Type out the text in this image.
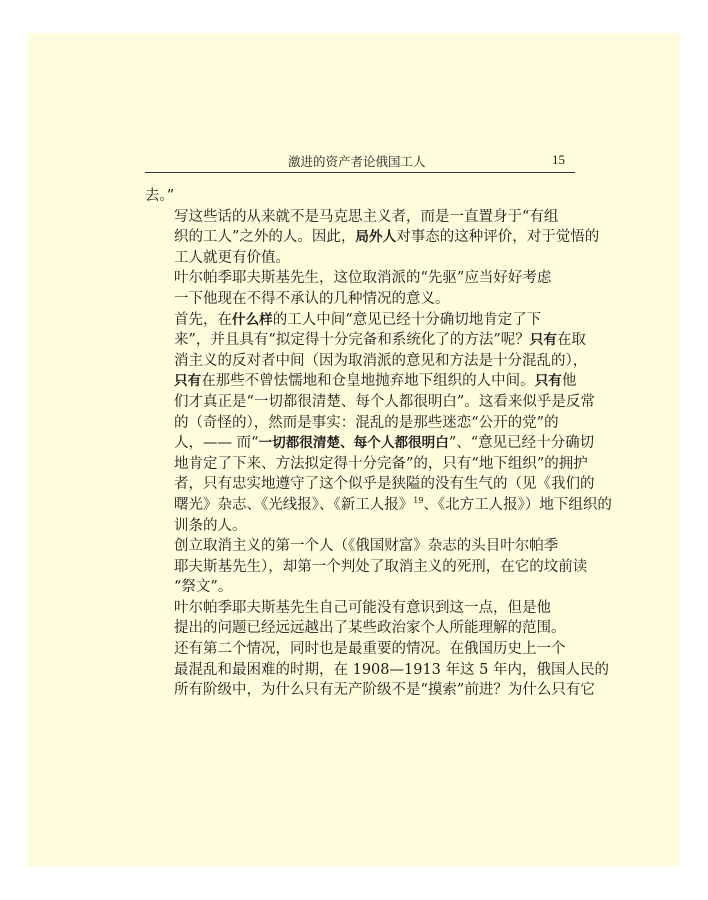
激进的资产者论俄国工人	15

去。”

写这些话的从来就不是马克思主义者，而是一直置身于“有组
织的工人”之外的人。因此，局外人对事态的这种评价，对于觉悟的
工人就更有价值。

叶尔帕季耶夫斯基先生，这位取消派的“先驱”应当好好考虑
一下他现在不得不承认的几种情况的意义。

首先，在什么样的工人中间“意见已经十分确切地肯定了下
来”，并且具有“拟定得十分完备和系统化了的方法”呢？只有在取
消主义的反对者中间（因为取消派的意见和方法是十分混乱的），
只有在那些不曾怯懦地和仓皇地抛弃地下组织的人中间。只有他
们才真正是“一切都很清楚、每个人都很明白”。这看来似乎是反常
的（奇怪的），然而是事实：混乱的是那些迷恋“公开的党”的
人，—— 而“一切都很清楚、每个人都很明白”、“意见已经十分确切
地肯定了下来、方法拟定得十分完备”的，只有“地下组织”的拥护
者，只有忠实地遵守了这个似乎是狭隘的没有生气的（见《我们的
曙光》杂志、《光线报》、《新工人报》$^{19}$、《北方工人报》）地下组织的
训条的人。

创立取消主义的第一个人（《俄国财富》杂志的头目叶尔帕季
耶夫斯基先生），却第一个判处了取消主义的死刑，在它的坟前读
“祭文”。

叶尔帕季耶夫斯基先生自己可能没有意识到这一点，但是他
提出的问题已经远远越出了某些政治家个人所能理解的范围。

还有第二个情况，同时也是最重要的情况。在俄国历史上一个
最混乱和最困难的时期，在 1908—1913 年这 5 年内，俄国人民的
所有阶级中，为什么只有无产阶级不是“摸索”前进？为什么只有它
